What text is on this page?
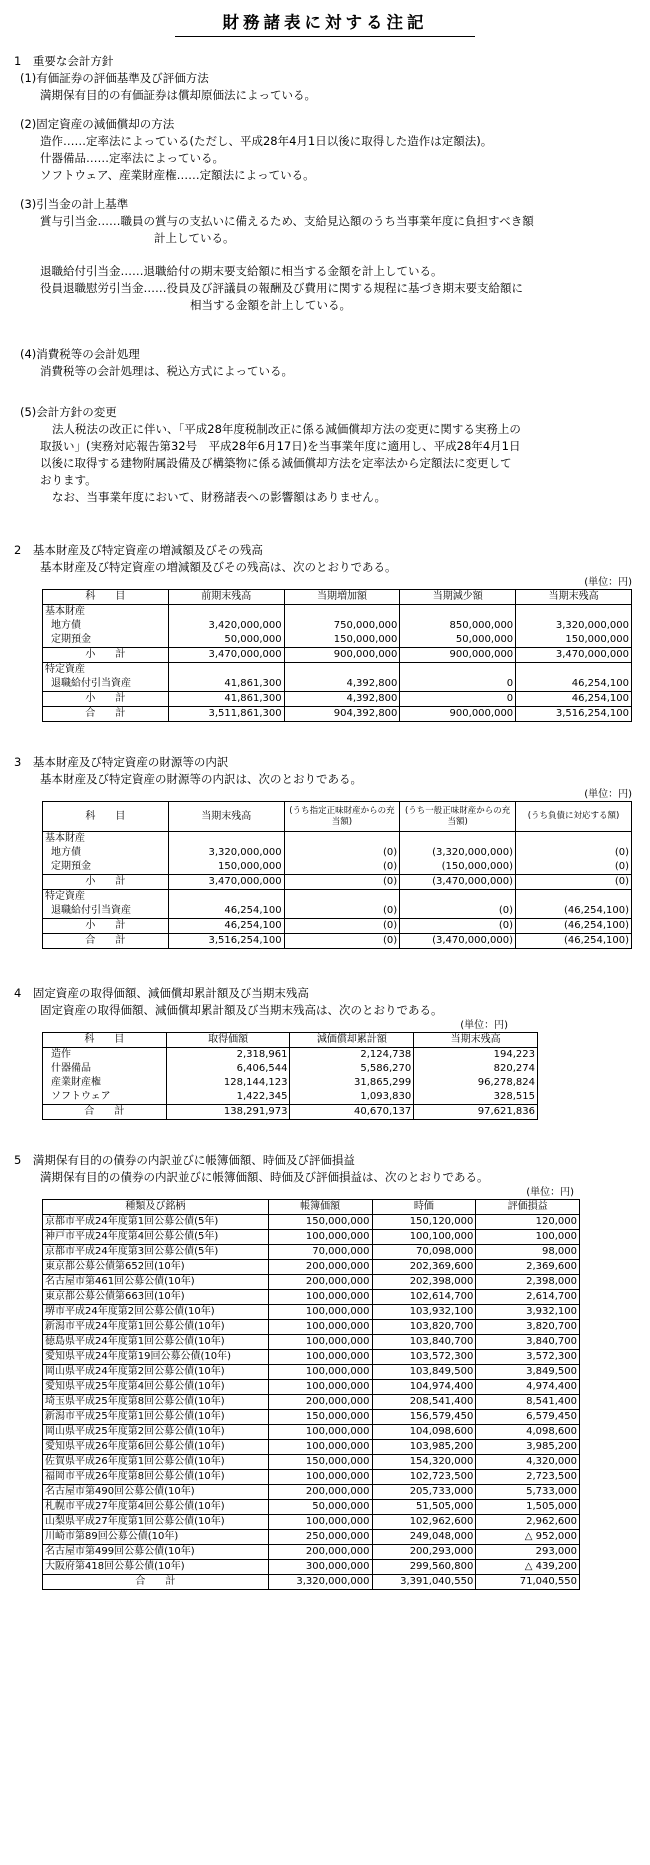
財務諸表に対する注記
1　重要な会計方針
(1)有価証券の評価基準及び評価方法
満期保有目的の有価証券は償却原価法によっている。
(2)固定資産の減価償却の方法
造作……定率法によっている(ただし、平成28年4月1日以後に取得した造作は定額法)。
什器備品……定率法によっている。
ソフトウェア、産業財産権……定額法によっている。
(3)引当金の計上基準
賞与引当金……職員の賞与の支払いに備えるため、支給見込額のうち当事業年度に負担すべき額
計上している。
退職給付引当金……退職給付の期末要支給額に相当する金額を計上している。
役員退職慰労引当金……役員及び評議員の報酬及び費用に関する規程に基づき期末要支給額に
相当する金額を計上している。
(4)消費税等の会計処理
消費税等の会計処理は、税込方式によっている。
(5)会計方針の変更
法人税法の改正に伴い、「平成28年度税制改正に係る減価償却方法の変更に関する実務上の
取扱い」(実務対応報告第32号　平成28年6月17日)を当事業年度に適用し、平成28年4月1日
以後に取得する建物附属設備及び構築物に係る減価償却方法を定率法から定額法に変更して
おります。
なお、当事業年度において、財務諸表への影響額はありません。
2　基本財産及び特定資産の増減額及びその残高
基本財産及び特定資産の増減額及びその残高は、次のとおりである。
(単位：円)
科　　目	前期末残高	当期増加額	当期減少額	当期末残高
基本財産				
地方債	3,420,000,000	750,000,000	850,000,000	3,320,000,000
定期預金	50,000,000	150,000,000	50,000,000	150,000,000
小　　計	3,470,000,000	900,000,000	900,000,000	3,470,000,000
特定資産				
退職給付引当資産	41,861,300	4,392,800	0	46,254,100
小　　計	41,861,300	4,392,800	0	46,254,100
合　　計	3,511,861,300	904,392,800	900,000,000	3,516,254,100
3　基本財産及び特定資産の財源等の内訳
基本財産及び特定資産の財源等の内訳は、次のとおりである。
(単位：円)
科　　目	当期末残高	(うち指定正味財産からの充当額)	(うち一般正味財産からの充当額)	(うち負債に対応する額)
基本財産				
地方債	3,320,000,000	(0)	(3,320,000,000)	(0)
定期預金	150,000,000	(0)	(150,000,000)	(0)
小　　計	3,470,000,000	(0)	(3,470,000,000)	(0)
特定資産				
退職給付引当資産	46,254,100	(0)	(0)	(46,254,100)
小　　計	46,254,100	(0)	(0)	(46,254,100)
合　　計	3,516,254,100	(0)	(3,470,000,000)	(46,254,100)
4　固定資産の取得価額、減価償却累計額及び当期末残高
固定資産の取得価額、減価償却累計額及び当期末残高は、次のとおりである。
(単位：円)
科　　目	取得価額	減価償却累計額	当期末残高
造作	2,318,961	2,124,738	194,223
什器備品	6,406,544	5,586,270	820,274
産業財産権	128,144,123	31,865,299	96,278,824
ソフトウェア	1,422,345	1,093,830	328,515
合　　計	138,291,973	40,670,137	97,621,836
5　満期保有目的の債券の内訳並びに帳簿価額、時価及び評価損益
満期保有目的の債券の内訳並びに帳簿価額、時価及び評価損益は、次のとおりである。
(単位：円)
種類及び銘柄	帳簿価額	時価	評価損益
京都市平成24年度第1回公募公債(5年)	150,000,000	150,120,000	120,000
神戸市平成24年度第4回公募公債(5年)	100,000,000	100,100,000	100,000
京都市平成24年度第3回公募公債(5年)	70,000,000	70,098,000	98,000
東京都公募公債第652回(10年)	200,000,000	202,369,600	2,369,600
名古屋市第461回公募公債(10年)	200,000,000	202,398,000	2,398,000
東京都公募公債第663回(10年)	100,000,000	102,614,700	2,614,700
堺市平成24年度第2回公募公債(10年)	100,000,000	103,932,100	3,932,100
新潟市平成24年度第1回公募公債(10年)	100,000,000	103,820,700	3,820,700
徳島県平成24年度第1回公募公債(10年)	100,000,000	103,840,700	3,840,700
愛知県平成24年度第19回公募公債(10年)	100,000,000	103,572,300	3,572,300
岡山県平成24年度第2回公募公債(10年)	100,000,000	103,849,500	3,849,500
愛知県平成25年度第4回公募公債(10年)	100,000,000	104,974,400	4,974,400
埼玉県平成25年度第8回公募公債(10年)	200,000,000	208,541,400	8,541,400
新潟市平成25年度第1回公募公債(10年)	150,000,000	156,579,450	6,579,450
岡山県平成25年度第2回公募公債(10年)	100,000,000	104,098,600	4,098,600
愛知県平成26年度第6回公募公債(10年)	100,000,000	103,985,200	3,985,200
佐賀県平成26年度第1回公募公債(10年)	150,000,000	154,320,000	4,320,000
福岡市平成26年度第8回公募公債(10年)	100,000,000	102,723,500	2,723,500
名古屋市第490回公募公債(10年)	200,000,000	205,733,000	5,733,000
札幌市平成27年度第4回公募公債(10年)	50,000,000	51,505,000	1,505,000
山梨県平成27年度第1回公募公債(10年)	100,000,000	102,962,600	2,962,600
川崎市第89回公募公債(10年)	250,000,000	249,048,000	△ 952,000
名古屋市第499回公募公債(10年)	200,000,000	200,293,000	293,000
大阪府第418回公募公債(10年)	300,000,000	299,560,800	△ 439,200
合　　計	3,320,000,000	3,391,040,550	71,040,550
